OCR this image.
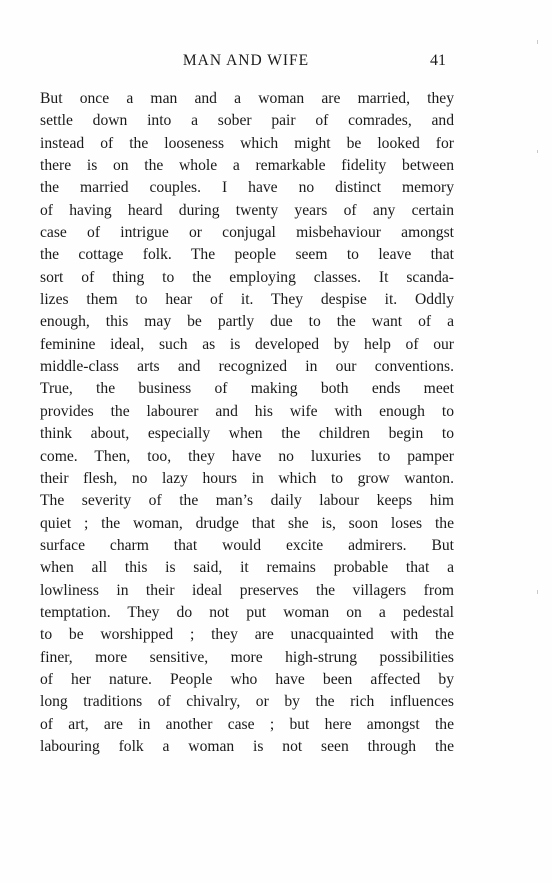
MAN AND WIFE	41
But once a man and a woman are married, they
settle down into a sober pair of comrades, and
instead of the looseness which might be looked for
there is on the whole a remarkable fidelity between
the married couples. I have no distinct memory
of having heard during twenty years of any certain
case of intrigue or conjugal misbehaviour amongst
the cottage folk. The people seem to leave that
sort of thing to the employing classes. It scanda-
lizes them to hear of it. They despise it. Oddly
enough, this may be partly due to the want of a
feminine ideal, such as is developed by help of our
middle-class arts and recognized in our conventions.
True, the business of making both ends meet
provides the labourer and his wife with enough to
think about, especially when the children begin to
come. Then, too, they have no luxuries to pamper
their flesh, no lazy hours in which to grow wanton.
The severity of the man’s daily labour keeps him
quiet ; the woman, drudge that she is, soon loses the
surface charm that would excite admirers. But
when all this is said, it remains probable that a
lowliness in their ideal preserves the villagers from
temptation. They do not put woman on a pedestal
to be worshipped ; they are unacquainted with the
finer, more sensitive, more high-strung possibilities
of her nature. People who have been affected by
long traditions of chivalry, or by the rich influences
of art, are in another case ; but here amongst the
labouring folk a woman is not seen through the
